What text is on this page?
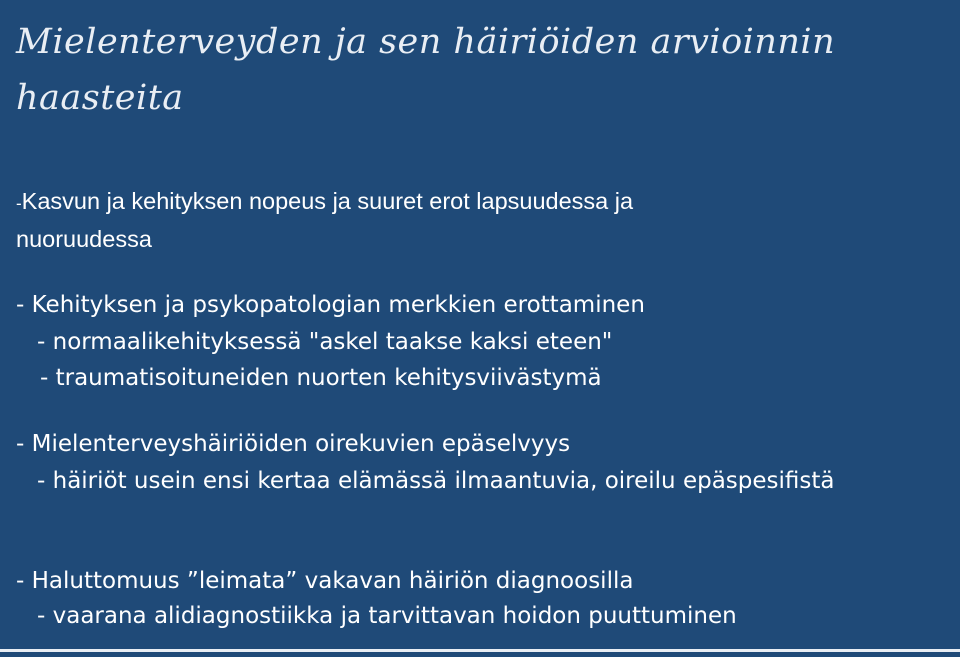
Mielenterveyden ja sen häiriöiden arvioinnin haasteita
-Kasvun ja kehityksen nopeus ja suuret erot lapsuudessa ja
nuoruudessa
- Kehityksen ja psykopatologian merkkien erottaminen
- normaalikehityksessä "askel taakse kaksi eteen"
- traumatisoituneiden nuorten kehitysviivästymä
- Mielenterveyshäiriöiden oirekuvien epäselvyys
- häiriöt usein ensi kertaa elämässä ilmaantuvia, oireilu epäspesifistä
- Haluttomuus ”leimata” vakavan häiriön diagnoosilla
- vaarana alidiagnostiikka ja tarvittavan hoidon puuttuminen
